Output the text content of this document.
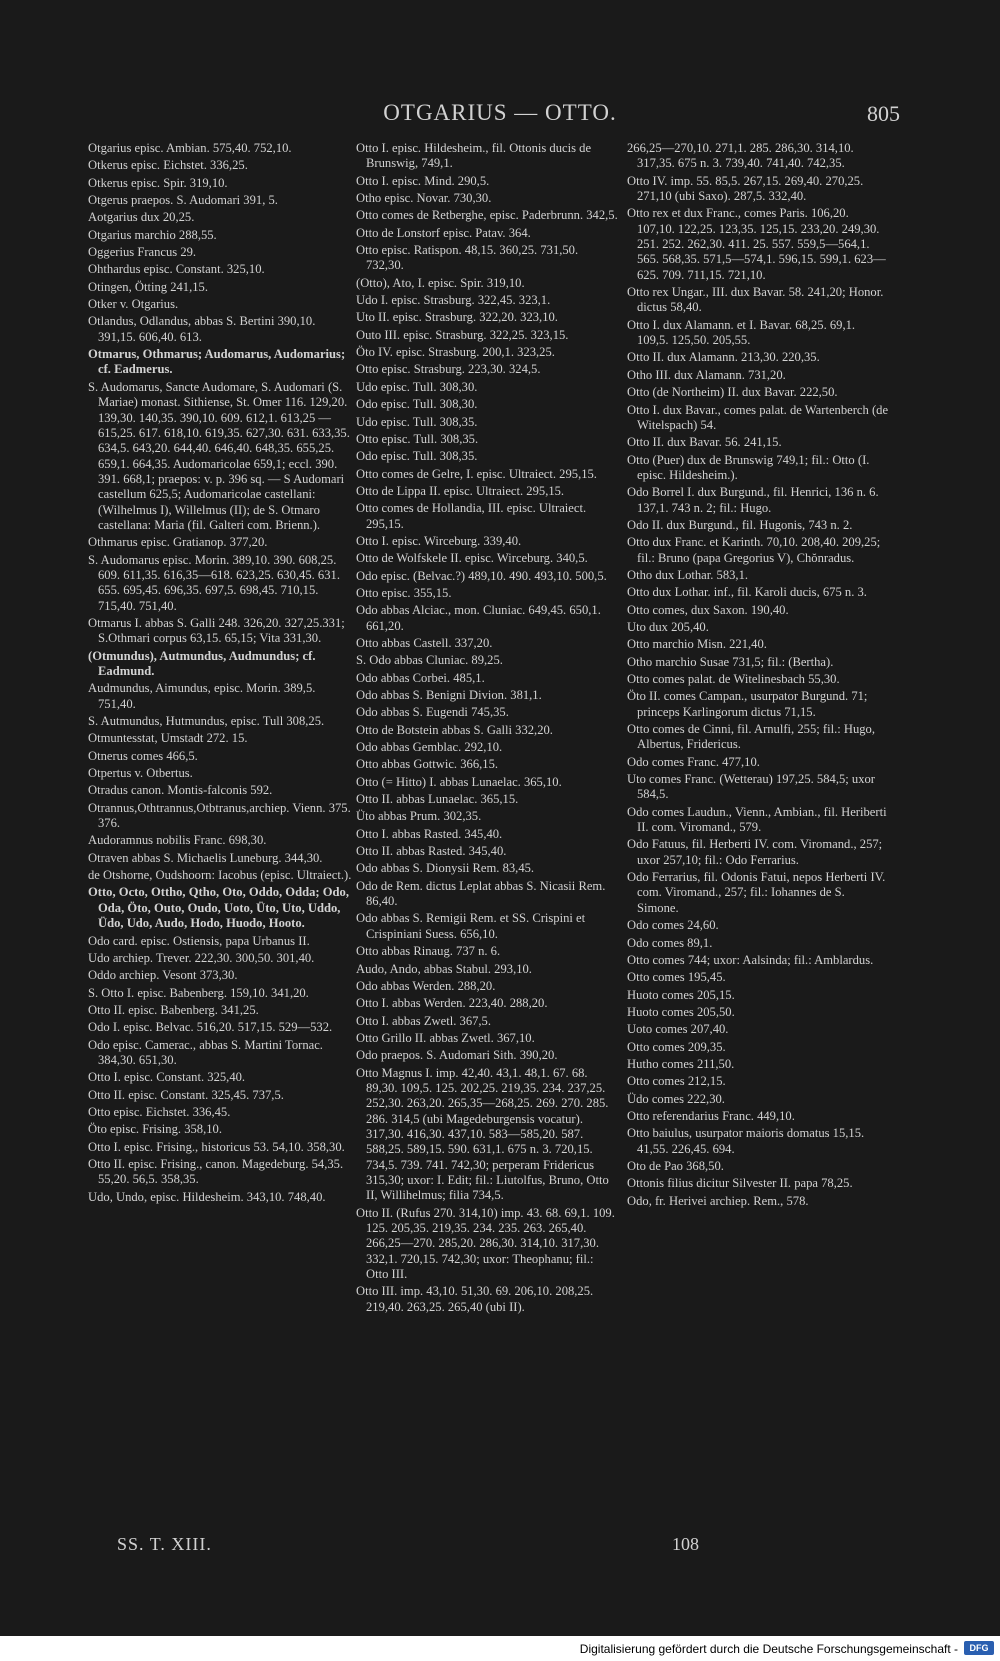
OTGARIUS — OTTO.	805
Otgarius episc. Ambian. 575,40. 752,10.
Otkerus episc. Eichstet. 336,25.
Otkerus episc. Spir. 319,10.
Otgerus praepos. S. Audomari 391, 5.
Aotgarius dux 20,25.
Otgarius marchio 288,55.
Oggerius Francus 29.
Ohthardus episc. Constant. 325,10.
Otingen, Ötting 241,15.
Otker v. Otgarius.
Otlandus, Odlandus, abbas S. Bertini 390,10. 391,15. 606,40. 613.
Otmarus, Othmarus; Audomarus, Audomarius; cf. Eadmerus.
S. Audomarus, Sancte Audomare, S. Audomari (S. Mariae) monast. Sithiense, St. Omer 116. 129,20. 139,30. 140,35. 390,10. 609. 612,1. 613,25 —615,25. 617. 618,10. 619,35. 627,30. 631. 633,35. 634,5. 643,20. 644,40. 646,40. 648,35. 655,25. 659,1. 664,35. Audomaricolae 659,1; eccl. 390. 391. 668,1; praepos: v. p. 396 sq. — S Audomari castellum 625,5; Audomaricolae castellani: (Wilhelmus I), Willelmus (II); de S. Otmaro castellana: Maria (fil. Galteri com. Brienn.).
Othmarus episc. Gratianop. 377,20.
S. Audomarus episc. Morin. 389,10. 390. 608,25. 609. 611,35. 616,35—618. 623,25. 630,45. 631. 655. 695,45. 696,35. 697,5. 698,45. 710,15. 715,40. 751,40.
Otmarus I. abbas S. Galli 248. 326,20. 327,25.331; S.Othmari corpus 63,15. 65,15; Vita 331,30.
(Otmundus), Autmundus, Audmundus; cf. Eadmund.
Audmundus, Aimundus, episc. Morin. 389,5. 751,40.
S. Autmundus, Hutmundus, episc. Tull 308,25.
Otmuntesstat, Umstadt 272. 15.
Otnerus comes 466,5.
Otpertus v. Otbertus.
Otradus canon. Montis-falconis 592.
Otrannus,Othtrannus,Otbtranus,archiep. Vienn. 375. 376.
Audoramnus nobilis Franc. 698,30.
Otraven abbas S. Michaelis Luneburg. 344,30.
de Otshorne, Oudshoorn: Iacobus (episc. Ultraiect.).
Otto, Octo, Ottho, Qtho, Oto, Oddo, Odda; Odo, Oda, Öto, Outo, Oudo, Uoto, Üto, Uto, Uddo, Üdo, Udo, Audo, Hodo, Huodo, Hooto.
Odo card. episc. Ostiensis, papa Urbanus II.
Udo archiep. Trever. 222,30. 300,50. 301,40.
Oddo archiep. Vesont 373,30.
S. Otto I. episc. Babenberg. 159,10. 341,20.
Otto II. episc. Babenberg. 341,25.
Odo I. episc. Belvac. 516,20. 517,15. 529—532.
Odo episc. Camerac., abbas S. Martini Tornac. 384,30. 651,30.
Otto I. episc. Constant. 325,40.
Otto II. episc. Constant. 325,45. 737,5.
Otto episc. Eichstet. 336,45.
Öto episc. Frising. 358,10.
Otto I. episc. Frising., historicus 53. 54,10. 358,30.
Otto II. episc. Frising., canon. Magedeburg. 54,35. 55,20. 56,5. 358,35.
Udo, Undo, episc. Hildesheim. 343,10. 748,40.
Otto I. episc. Hildesheim., fil. Ottonis ducis de Brunswig, 749,1.
Otto I. episc. Mind. 290,5.
Otho episc. Novar. 730,30.
Otto comes de Retberghe, episc. Paderbrunn. 342,5.
Otto de Lonstorf episc. Patav. 364.
Otto episc. Ratispon. 48,15. 360,25. 731,50. 732,30.
(Otto), Ato, I. episc. Spir. 319,10.
Udo I. episc. Strasburg. 322,45. 323,1.
Uto II. episc. Strasburg. 322,20. 323,10.
Outo III. episc. Strasburg. 322,25. 323,15.
Öto IV. episc. Strasburg. 200,1. 323,25.
Otto episc. Strasburg. 223,30. 324,5.
Udo episc. Tull. 308,30.
Odo episc. Tull. 308,30.
Udo episc. Tull. 308,35.
Otto episc. Tull. 308,35.
Odo episc. Tull. 308,35.
Otto comes de Gelre, I. episc. Ultraiect. 295,15.
Otto de Lippa II. episc. Ultraiect. 295,15.
Otto comes de Hollandia, III. episc. Ultraiect. 295,15.
Otto I. episc. Wirceburg. 339,40.
Otto de Wolfskele II. episc. Wirceburg. 340,5.
Odo episc. (Belvac.?) 489,10. 490. 493,10. 500,5.
Otto episc. 355,15.
Odo abbas Alciac., mon. Cluniac. 649,45. 650,1. 661,20.
Otto abbas Castell. 337,20.
S. Odo abbas Cluniac. 89,25.
Odo abbas Corbei. 485,1.
Odo abbas S. Benigni Divion. 381,1.
Odo abbas S. Eugendi 745,35.
Otto de Botstein abbas S. Galli 332,20.
Odo abbas Gemblac. 292,10.
Otto abbas Gottwic. 366,15.
Otto (= Hitto) I. abbas Lunaelac. 365,10.
Otto II. abbas Lunaelac. 365,15.
Üto abbas Prum. 302,35.
Otto I. abbas Rasted. 345,40.
Otto II. abbas Rasted. 345,40.
Odo abbas S. Dionysii Rem. 83,45.
Odo de Rem. dictus Leplat abbas S. Nicasii Rem. 86,40.
Odo abbas S. Remigii Rem. et SS. Crispini et Crispiniani Suess. 656,10.
Otto abbas Rinaug. 737 n. 6.
Audo, Ando, abbas Stabul. 293,10.
Odo abbas Werden. 288,20.
Otto I. abbas Werden. 223,40. 288,20.
Otto I. abbas Zwetl. 367,5.
Otto Grillo II. abbas Zwetl. 367,10.
Odo praepos. S. Audomari Sith. 390,20.
Otto Magnus I. imp. 42,40. 43,1. 48,1. 67. 68. 89,30. 109,5. 125. 202,25. 219,35. 234. 237,25. 252,30. 263,20. 265,35—268,25. 269. 270. 285. 286. 314,5 (ubi Magedeburgensis vocatur). 317,30. 416,30. 437,10. 583—585,20. 587. 588,25. 589,15. 590. 631,1. 675 n. 3. 720,15. 734,5. 739. 741. 742,30; perperam Fridericus 315,30; uxor: I. Edit; fil.: Liutolfus, Bruno, Otto II, Willihelmus; filia 734,5.
Otto II. (Rufus 270. 314,10) imp. 43. 68. 69,1. 109. 125. 205,35. 219,35. 234. 235. 263. 265,40. 266,25—270. 285,20. 286,30. 314,10. 317,30. 332,1. 720,15. 742,30; uxor: Theophanu; fil.: Otto III.
Otto III. imp. 43,10. 51,30. 69. 206,10. 208,25. 219,40. 263,25. 265,40 (ubi II).
266,25—270,10. 271,1. 285. 286,30. 314,10. 317,35. 675 n. 3. 739,40. 741,40. 742,35.
Otto IV. imp. 55. 85,5. 267,15. 269,40. 270,25. 271,10 (ubi Saxo). 287,5. 332,40.
Otto rex et dux Franc., comes Paris. 106,20. 107,10. 122,25. 123,35. 125,15. 233,20. 249,30. 251. 252. 262,30. 411. 25. 557. 559,5—564,1. 565. 568,35. 571,5—574,1. 596,15. 599,1. 623—625. 709. 711,15. 721,10.
Otto rex Ungar., III. dux Bavar. 58. 241,20; Honor. dictus 58,40.
Otto I. dux Alamann. et I. Bavar. 68,25. 69,1. 109,5. 125,50. 205,55.
Otto II. dux Alamann. 213,30. 220,35.
Otho III. dux Alamann. 731,20.
Otto (de Northeim) II. dux Bavar. 222,50.
Otto I. dux Bavar., comes palat. de Wartenberch (de Witelspach) 54.
Otto II. dux Bavar. 56. 241,15.
Otto (Puer) dux de Brunswig 749,1; fil.: Otto (I. episc. Hildesheim.).
Odo Borrel I. dux Burgund., fil. Henrici, 136 n. 6. 137,1. 743 n. 2; fil.: Hugo.
Odo II. dux Burgund., fil. Hugonis, 743 n. 2.
Otto dux Franc. et Karinth. 70,10. 208,40. 209,25; fil.: Bruno (papa Gregorius V), Chŏnradus.
Otho dux Lothar. 583,1.
Otto dux Lothar. inf., fil. Karoli ducis, 675 n. 3.
Otto comes, dux Saxon. 190,40.
Uto dux 205,40.
Otto marchio Misn. 221,40.
Otho marchio Susae 731,5; fil.: (Bertha).
Otto comes palat. de Witelinesbach 55,30.
Öto II. comes Campan., usurpator Burgund. 71; princeps Karlingorum dictus 71,15.
Otto comes de Cinni, fil. Arnulfi, 255; fil.: Hugo, Albertus, Fridericus.
Odo comes Franc. 477,10.
Uto comes Franc. (Wetterau) 197,25. 584,5; uxor 584,5.
Odo comes Laudun., Vienn., Ambian., fil. Heriberti II. com. Viromand., 579.
Odo Fatuus, fil. Herberti IV. com. Viromand., 257; uxor 257,10; fil.: Odo Ferrarius.
Odo Ferrarius, fil. Odonis Fatui, nepos Herberti IV. com. Viromand., 257; fil.: Iohannes de S. Simone.
Odo comes 24,60.
Odo comes 89,1.
Otto comes 744; uxor: Aalsinda; fil.: Amblardus.
Otto comes 195,45.
Huoto comes 205,15.
Huoto comes 205,50.
Uoto comes 207,40.
Otto comes 209,35.
Hutho comes 211,50.
Otto comes 212,15.
Üdo comes 222,30.
Otto referendarius Franc. 449,10.
Otto baiulus, usurpator maioris domatus 15,15. 41,55. 226,45. 694.
Oto de Pao 368,50.
Ottonis filius dicitur Silvester II. papa 78,25.
Odo, fr. Herivei archiep. Rem., 578.
SS. T. XIII.	108
Digitalisierung gefördert durch die Deutsche Forschungsgemeinschaft -	DFG
